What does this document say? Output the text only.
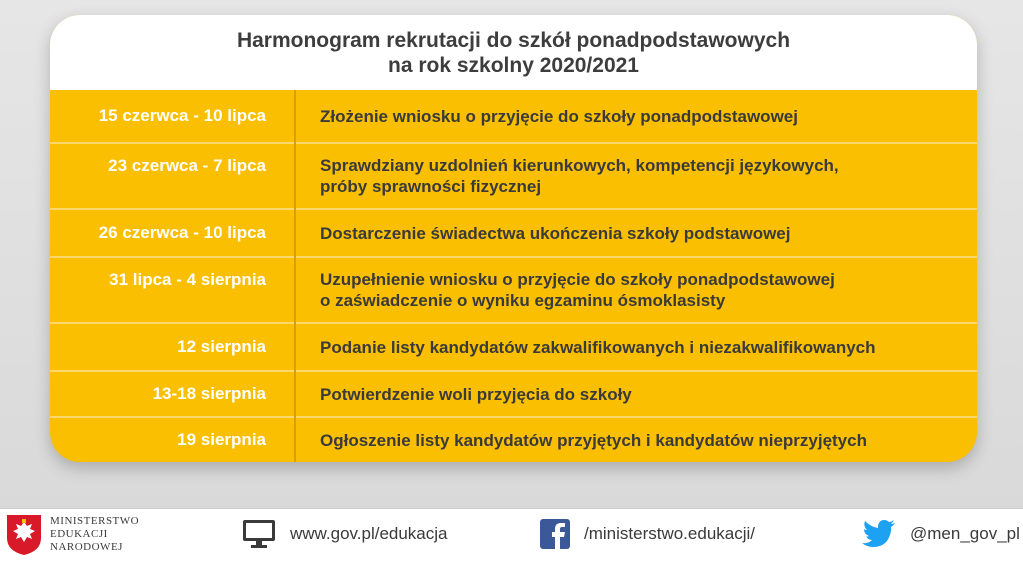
Harmonogram rekrutacji do szkół ponadpodstawowych
na rok szkolny 2020/2021
15 czerwca - 10 lipca	Złożenie wniosku o przyjęcie do szkoły ponadpodstawowej
23 czerwca - 7 lipca	Sprawdziany uzdolnień kierunkowych, kompetencji językowych,
próby sprawności fizycznej
26 czerwca - 10 lipca	Dostarczenie świadectwa ukończenia szkoły podstawowej
31 lipca - 4 sierpnia	Uzupełnienie wniosku o przyjęcie do szkoły ponadpodstawowej
o zaświadczenie o wyniku egzaminu ósmoklasisty
12 sierpnia	Podanie listy kandydatów zakwalifikowanych i niezakwalifikowanych
13-18 sierpnia	Potwierdzenie woli przyjęcia do szkoły
19 sierpnia	Ogłoszenie listy kandydatów przyjętych i kandydatów nieprzyjętych
MINISTERSTWO
EDUKACJI
NARODOWEJ
www.gov.pl/edukacja	/ministerstwo.edukacji/	@men_gov_pl
